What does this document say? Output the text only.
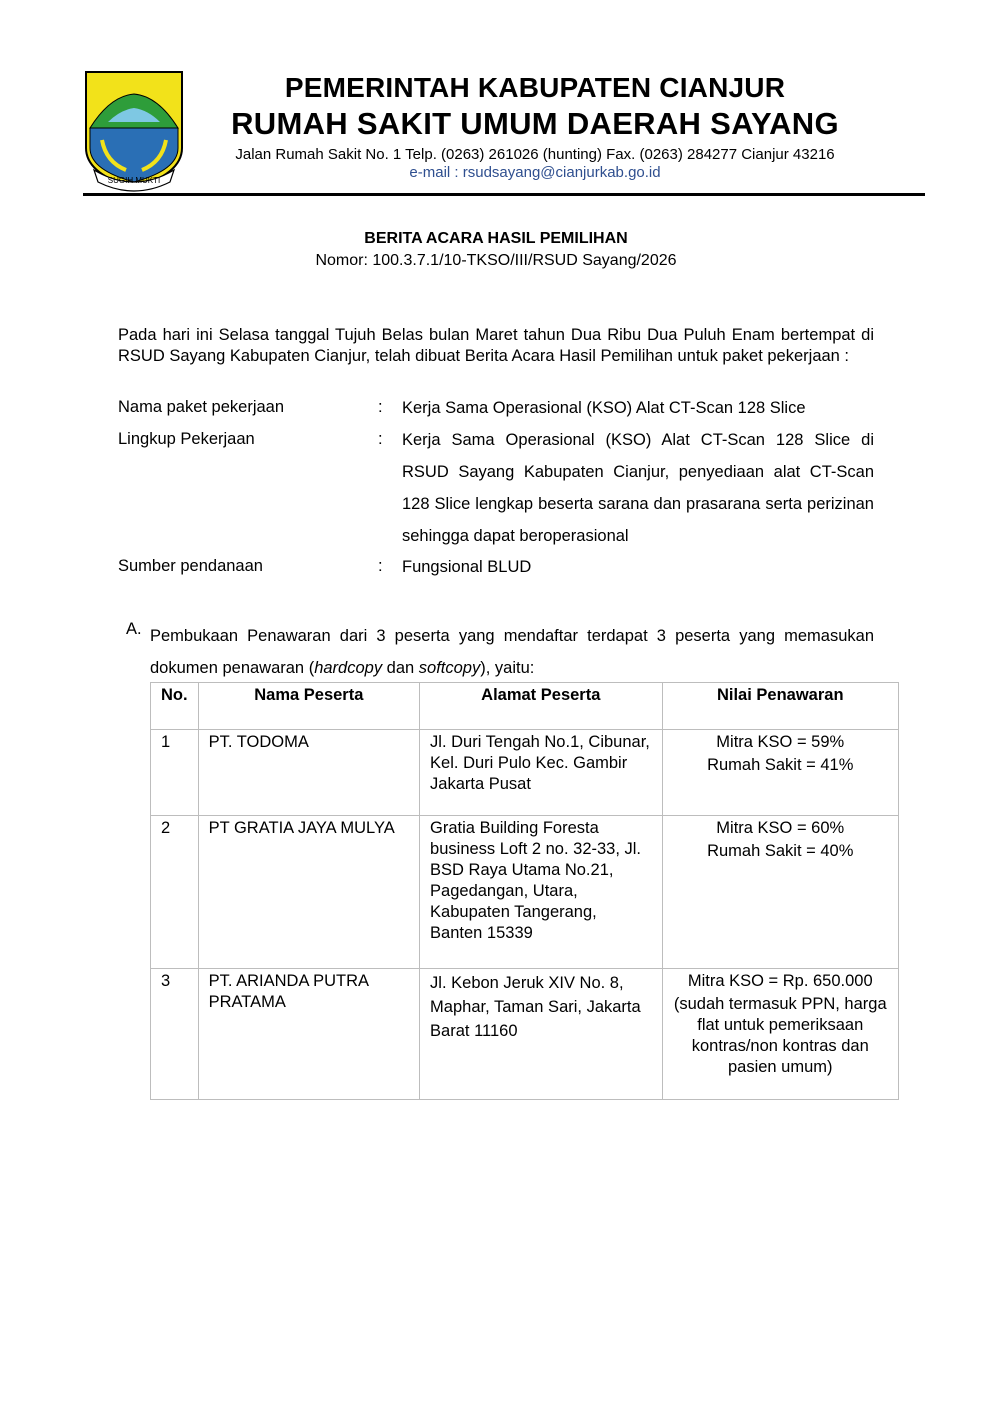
SUGIH MUKTI
PEMERINTAH KABUPATEN CIANJUR
RUMAH SAKIT UMUM DAERAH SAYANG
Jalan Rumah Sakit No. 1 Telp. (0263) 261026 (hunting) Fax. (0263) 284277 Cianjur 43216
e-mail : rsudsayang@cianjurkab.go.id
BERITA ACARA HASIL PEMILIHAN
Nomor: 100.3.7.1/10-TKSO/III/RSUD Sayang/2026
Pada hari ini Selasa tanggal Tujuh Belas bulan Maret tahun Dua Ribu Dua Puluh Enam bertempat di RSUD Sayang Kabupaten Cianjur, telah dibuat Berita Acara Hasil Pemilihan untuk paket pekerjaan :
Nama paket pekerjaan	: Kerja Sama Operasional (KSO) Alat CT-Scan 128 Slice
Lingkup Pekerjaan	: Kerja Sama Operasional (KSO) Alat CT-Scan 128 Slice di RSUD Sayang Kabupaten Cianjur, penyediaan alat CT-Scan 128 Slice lengkap beserta sarana dan prasarana serta perizinan sehingga dapat beroperasional
Sumber pendanaan	: Fungsional BLUD
A. Pembukaan Penawaran dari 3 peserta yang mendaftar terdapat 3 peserta yang memasukan dokumen penawaran (hardcopy dan softcopy), yaitu:
No.	Nama Peserta	Alamat Peserta	Nilai Penawaran

1	PT. TODOMA	Jl. Duri Tengah No.1, Cibunar, Kel. Duri Pulo Kec. Gambir Jakarta Pusat	Mitra KSO = 59%
Rumah Sakit = 41%

2	PT GRATIA JAYA MULYA	Gratia Building Foresta business Loft 2 no. 32-33, Jl. BSD Raya Utama No.21, Pagedangan, Utara, Kabupaten Tangerang, Banten 15339	Mitra KSO = 60%
Rumah Sakit = 40%

3	PT. ARIANDA PUTRA PRATAMA	Jl. Kebon Jeruk XIV No. 8, Maphar, Taman Sari, Jakarta Barat 11160	Mitra KSO = Rp. 650.000
(sudah termasuk PPN, harga flat untuk pemeriksaan kontras/non kontras dan pasien umum)
